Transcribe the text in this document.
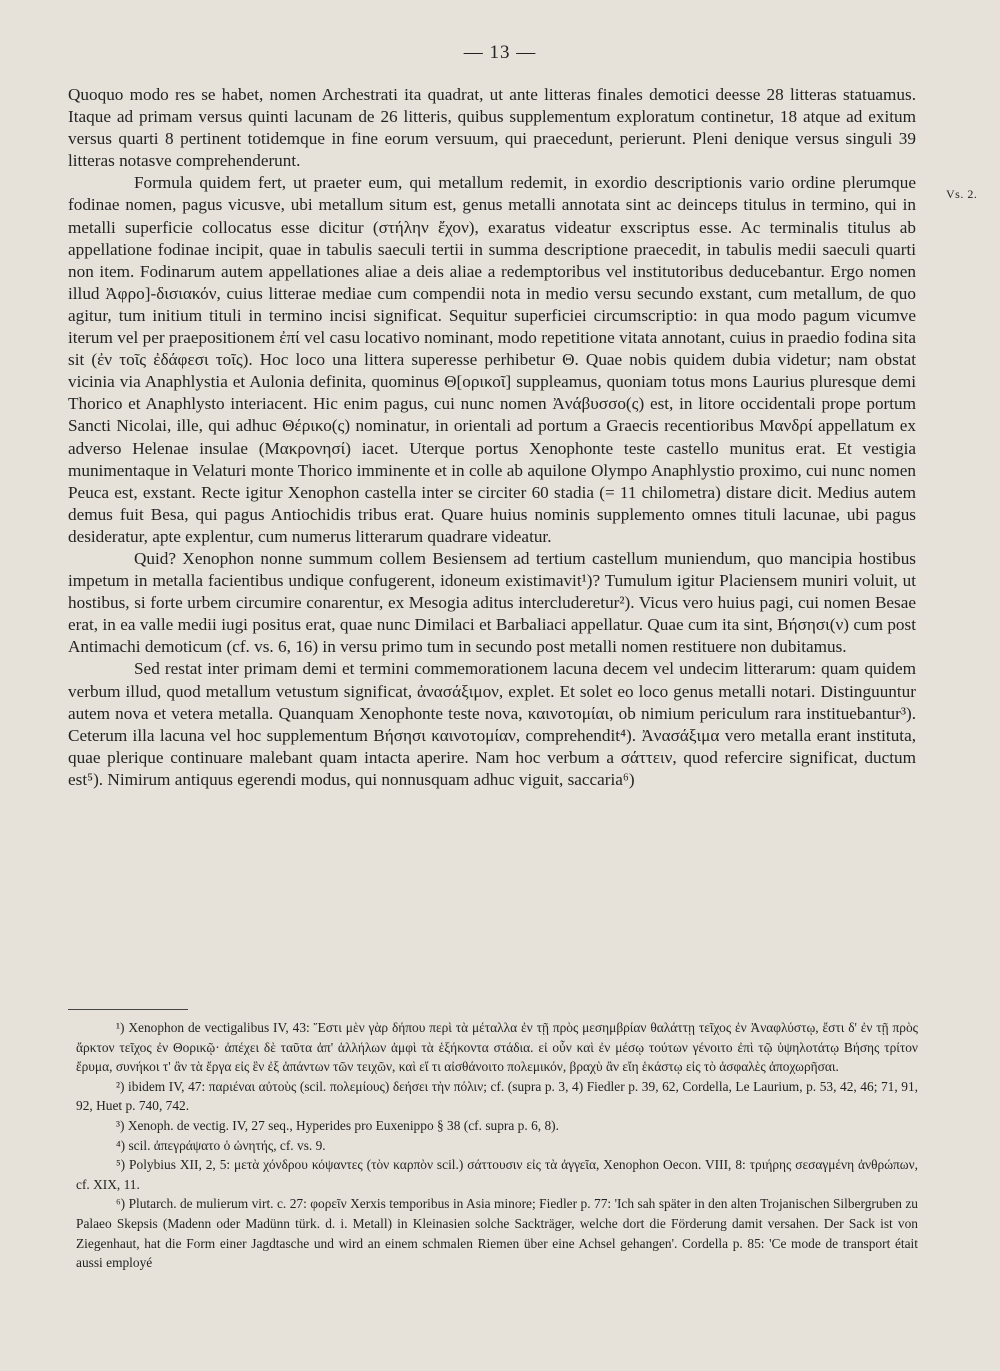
— 13 —
Vs. 2.

Quoquo modo res se habet, nomen Archestrati ita quadrat, ut ante litteras finales demotici deesse 28 litteras statuamus. Itaque ad primam versus quinti lacunam de 26 litteris, quibus supplementum exploratum continetur, 18 atque ad exitum versus quarti 8 pertinent totidemque in fine eorum versuum, qui praecedunt, perierunt. Pleni denique versus singuli 39 litteras notasve comprehenderunt.

Formula quidem fert, ut praeter eum, qui metallum redemit, in exordio descriptionis vario ordine plerumque fodinae nomen, pagus vicusve, ubi metallum situm est, genus metalli annotata sint ac deinceps titulus in termino, qui in metalli superficie collocatus esse dicitur (στήλην ἔχον), exaratus videatur exscriptus esse. Ac terminalis titulus ab appellatione fodinae incipit, quae in tabulis saeculi tertii in summa descriptione praecedit, in tabulis medii saeculi quarti non item. Fodinarum autem appellationes aliae a deis aliae a redemptoribus vel institutoribus deducebantur. Ergo nomen illud Ἀφρο]-δισιακόν, cuius litterae mediae cum compendii nota in medio versu secundo exstant, cum metallum, de quo agitur, tum initium tituli in termino incisi significat. Sequitur superficiei circumscriptio: in qua modo pagum vicumve iterum vel per praepositionem ἐπί vel casu locativo nominant, modo repetitione vitata annotant, cuius in praedio fodina sita sit (ἐν τοῖς ἐδάφεσι τοῖς). Hoc loco una littera superesse perhibetur Θ. Quae nobis quidem dubia videtur; nam obstat vicinia via Anaphlystia et Aulonia definita, quominus Θ[ορικοῖ] suppleamus, quoniam totus mons Laurius pluresque demi Thorico et Anaphlysto interiacent. Hic enim pagus, cui nunc nomen Ἀνάβυσσο(ς) est, in litore occidentali prope portum Sancti Nicolai, ille, qui adhuc Θέρικο(ς) nominatur, in orientali ad portum a Graecis recentioribus Μανδρί appellatum ex adverso Helenae insulae (Μακρονησί) iacet. Uterque portus Xenophonte teste castello munitus erat. Et vestigia munimentaque in Velaturi monte Thorico imminente et in colle ab aquilone Olympo Anaphlystio proximo, cui nunc nomen Peuca est, exstant. Recte igitur Xenophon castella inter se circiter 60 stadia (= 11 chilometra) distare dicit. Medius autem demus fuit Besa, qui pagus Antiochidis tribus erat. Quare huius nominis supplemento omnes tituli lacunae, ubi pagus desideratur, apte explentur, cum numerus litterarum quadrare videatur.

Quid? Xenophon nonne summum collem Besiensem ad tertium castellum muniendum, quo mancipia hostibus impetum in metalla facientibus undique confugerent, idoneum existimavit¹)? Tumulum igitur Placiensem muniri voluit, ut hostibus, si forte urbem circumire conarentur, ex Mesogia aditus intercluderetur²). Vicus vero huius pagi, cui nomen Besae erat, in ea valle medii iugi positus erat, quae nunc Dimilaci et Barbaliaci appellatur. Quae cum ita sint, Βήσησι(ν) cum post Antimachi demoticum (cf. vs. 6, 16) in versu primo tum in secundo post metalli nomen restituere non dubitamus.

Sed restat inter primam demi et termini commemorationem lacuna decem vel undecim litterarum: quam quidem verbum illud, quod metallum vetustum significat, ἀνασάξιμον, explet. Et solet eo loco genus metalli notari. Distinguuntur autem nova et vetera metalla. Quanquam Xenophonte teste nova, καινοτομίαι, ob nimium periculum rara instituebantur³). Ceterum illa lacuna vel hoc supplementum Βήσησι καινοτομίαν, comprehendit⁴). Ἀνασάξιμα vero metalla erant instituta, quae plerique continuare malebant quam intacta aperire. Nam hoc verbum a σάττειν, quod refercire significat, ductum est⁵). Nimirum antiquus egerendi modus, qui nonnusquam adhuc viguit, saccaria⁶)

¹) Xenophon de vectigalibus IV, 43: Ἔστι μὲν γὰρ δήπου περὶ τὰ μέταλλα ἐν τῇ πρὸς μεσημβρίαν θαλάττῃ τεῖχος ἐν Ἀναφλύστῳ, ἔστι δ' ἐν τῇ πρὸς ἄρκτον τεῖχος ἐν Θορικῷ· ἀπέχει δὲ ταῦτα ἀπ' ἀλλήλων ἀμφὶ τὰ ἑξήκοντα στάδια. εἰ οὖν καὶ ἐν μέσῳ τούτων γένοιτο ἐπὶ τῷ ὑψηλοτάτῳ Βήσης τρίτον ἔρυμα, συνήκοι τ' ἂν τὰ ἔργα εἰς ἓν ἐξ ἁπάντων τῶν τειχῶν, καὶ εἴ τι αἰσθάνοιτο πολεμικόν, βραχὺ ἂν εἴη ἑκάστῳ εἰς τὸ ἀσφαλὲς ἀποχωρῆσαι.

²) ibidem IV, 47: παριέναι αὐτοὺς (scil. πολεμίους) δεήσει τὴν πόλιν; cf. (supra p. 3, 4) Fiedler p. 39, 62, Cordella, Le Laurium, p. 53, 42, 46; 71, 91, 92, Huet p. 740, 742.

³) Xenoph. de vectig. IV, 27 seq., Hyperides pro Euxenippo § 38 (cf. supra p. 6, 8).

⁴) scil. ἀπεγράψατο ὁ ὠνητής, cf. vs. 9.

⁵) Polybius XII, 2, 5: μετὰ χόνδρου κόψαντες (τὸν καρπὸν scil.) σάττουσιν εἰς τὰ ἀγγεῖα, Xenophon Oecon. VIII, 8: τριήρης σεσαγμένη ἀνθρώπων, cf. XIX, 11.

⁶) Plutarch. de mulierum virt. c. 27: φορεῖν Xerxis temporibus in Asia minore; Fiedler p. 77: 'Ich sah später in den alten Trojanischen Silbergruben zu Palaeo Skepsis (Madenn oder Madünn türk. d. i. Metall) in Kleinasien solche Sackträger, welche dort die Förderung damit versahen. Der Sack ist von Ziegenhaut, hat die Form einer Jagdtasche und wird an einem schmalen Riemen über eine Achsel gehangen'. Cordella p. 85: 'Ce mode de transport était aussi employé
